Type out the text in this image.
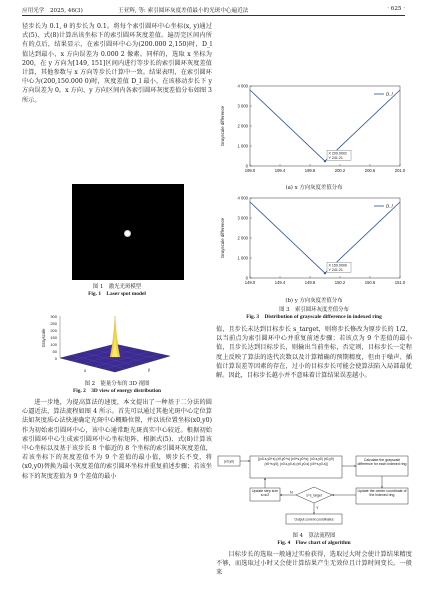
应用光学　2025, 46(3)	王亚辉, 等: 索引圆环灰度差值最小的光斑中心遍近法	· 625 ·

径步长为 0.1, θ 的步长为 0.1。将每个索引圆环中心坐标(x, y)通过式(5)、式(8)计算出该坐标下的索引圆环灰度差值。遍历完区间内所有的点后，结果显示，在索引圆环中心为(200.000 2,150)时，D_l 值达到最小，x 方向误差为 0.000 2 像素。同样的，选取 x 坐标为 200，在 y 方向为[149, 151]区间内进行等步长的索引圆环灰度差值计算，其他参数与 x 方向等步长计算中一致。结果表明，在索引圆环中心为(200,150.000 0)时，灰度差值 D_l 最小，在该移动步长下 y 方向误差为 0。x 方向、y 方向区间内各索引圆环灰度差值分布如图 3 所示。

图 1　激光光斑模型
Fig. 1　Laser spot model
300
250
200
150
100
50
0
Grayscale
x	y
图 2　能量分布的 3D 视图
Fig. 2　3D view of energy distribution

进一步地，为提高算法的速度，本文提出了一种基于二分法的圆心逼近法，算法流程如图 4 所示。首先可以通过其他光斑中心定位算法如灰度质心法快速确定光斑中心概略位置，并以该位置坐标(x0,y0)作为初始索引圆环中心，该中心通常距光斑真实中心较近。根据初始索引圆环中心生成索引圆环中心坐标矩阵，根据式(5)、式(8)计算该中心坐标以及基于该步长 8 个临近的 8 个坐标的索引圆环灰度差值，若该坐标下的灰度差值不为 9 个差值的最小值，则步长不变，将(x0,y0)替换为最小灰度差值的索引圆环坐标并重复前述步骤；若该坐标下的灰度差值为 9 个差值的最小

0
1 000
2 000
3 000
4 000
199.0	199.4	199.8	200.2	200.6	201.0
Grayscale difference
X 200.0002
Y 241.21
D_l
(a) x 方向灰度差值分布
0
1 000
2 000
3 000
4 000
149.0	149.4	149.8	150.2	150.6	151.0
Grayscale difference
X 150.0000
Y 241.21
D_l
(b) y 方向灰度差值分布
图 3　索引圆环灰度差值分布
Fig. 3　Distribution of grayscale difference in indexed ring

值，且步长未达到目标步长 s_target，则将步长修改为原步长的 1/2，以当前点为索引圆环中心并重复前述步骤；若该点为 9 个差值的最小值，且步长达到目标步长，则输出当前坐标，否定则，目标步长一定程度上反映了算法的迭代次数以及计算精确的预期精度，但由于噪声、插值计算误差等因素的存在，过小的目标步长可能会使算法陷入局部最优解。因此，目标步长越小并不意味着计算结果误差越小。

(x0,y0)
[(x0-s,y0+s) (x0,y0+s) (x0+s,y0+s); (x0-s,y0) (x0,y0) (x0+s,y0); (x0-s,y0-s) (x0,y0-s) (x0+s,y0-s)]
Calculate the grayscale difference for each indexed ring
Update the center coordinate of the indexed ring
Update step size s=s/2	s=s_target
Output current coordinates
N
Y
图 4　算法流程图
Fig. 4　Flow chart of algorithm

目标步长的选取一般通过实验获得，选取过大时会使计算结果精度不够，而选取过小时又会使计算结果产生无效位且计算时间变长。一般来
